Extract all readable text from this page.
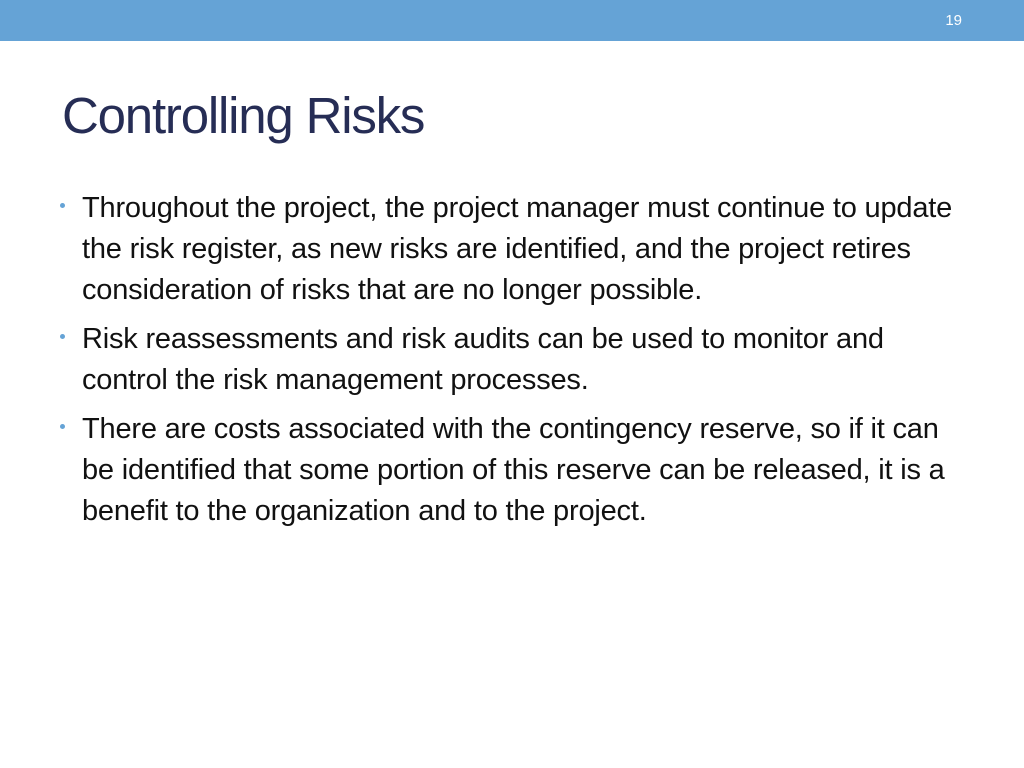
19
Controlling Risks
Throughout the project, the project manager must continue to update the risk register, as new risks are identified, and the project retires consideration of risks that are no longer possible.
Risk reassessments and risk audits can be used to monitor and control the risk management processes.
There are costs associated with the contingency reserve, so if it can be identified that some portion of this reserve can be released, it is a benefit to the organization and to the project.
